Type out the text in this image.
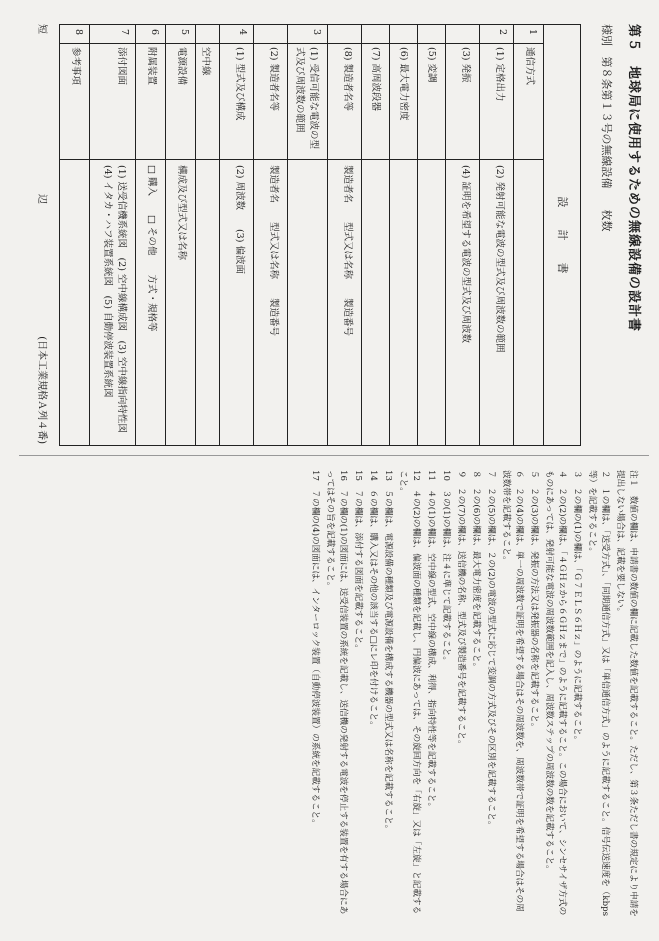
第５　地球局に使用するための無線設備の設計書
様別   第８条第１３号の無線設備      枚数
設　　計　　書
1
通信方式
2
(1) 定格出力
(2) 発射可能な電波の型式及び周波数の範囲
(3) 発振
(4) 証明を希望する電波の型式及び周波数
(5) 変調
(6) 最大電力密度
(7) 高周波段器
(8) 製造者名等
製造者名　　型式又は名称　　製造番号
3
(1) 受信可能な電波の型式及び周波数の範囲
(2) 製造者名等
製造者名　　型式又は名称　　製造番号
4
(1) 型式及び構成
(2) 周波数　　(3) 偏波面
空中線
5
電源設備
構成及び型式又は名称
6
附属装置
□ 購入　　□ その他　　方式・規格等
7
添付図面
(1) 送受信機系統図　(2) 空中線構成図　(3) 空中線指向特性図　(4) イタカ・ハフ装置系統図　(5) 自動停波装置系統図
8
参考事項
短
辺
(日本工業規格Ａ列４番)

注１　数値の欄は、申請書の数値の欄に記載した数値を記載すること。ただし、第３条ただし書の規定により申請を提出しない場合は、記載を要しない。

２　１の欄は、「送受方式」、「同期通信方式」又は「単信通信方式」のように記載すること。信号伝送速度を（kbps等）を記載すること。

３　２の欄の(1)の欄は、「Ｇ７ＥＬＳ６Ｈｚ」のように記載すること。

４　２の(2)の欄は、「４ＧＨｚから６ＧＨｚまで」のように記載すること。この場合において、シンセサイザ方式のものにあっては、発射可能な電波の周波数範囲を記入し、周波数ステップの周波数の数を記載すること。

５　２の(3)の欄は、発振の方法又は発振器の名称を記載すること。

６　２の(4)の欄は、単一の周波数で証明を希望する場合はその周波数を、周波数帯で証明を希望する場合はその周波数帯を記載すること。

７　２の(5)の欄は、２の(2)の電波の型式に応じて変調の方式及びその区別を記載すること。

８　２の(6)の欄は、最大電力密度を記載すること。

９　２の(7)の欄は、送信機の名称、型式及び製造番号を記載すること。

10　３の(1)の欄は、注４に準じて記載すること。

11　４の(1)の欄は、空中線の型式、空中線の構成、利得、指向特性等を記載すること。

12　４の(2)の欄は、偏波面の種類を記載し、円偏波にあっては、その旋回方向を「右旋」又は「左旋」と記載すること。

13　５の欄は、電源設備の種類及び電源設備を構成する機器の型式又は名称を記載すること。

14　６の欄は、購入又はその他の該当する□にレ印を付けること。

15　７の欄は、添付する図面を記載すること。

16　７の欄の(1)の図面には、送受信装置の系統を記載し、送信機の発射する電波を停止する装置を有する場合にあってはその旨を記載すること。

17　７の欄の(4)の図面には、インターロック装置（自動停波装置）の系統を記載すること。
